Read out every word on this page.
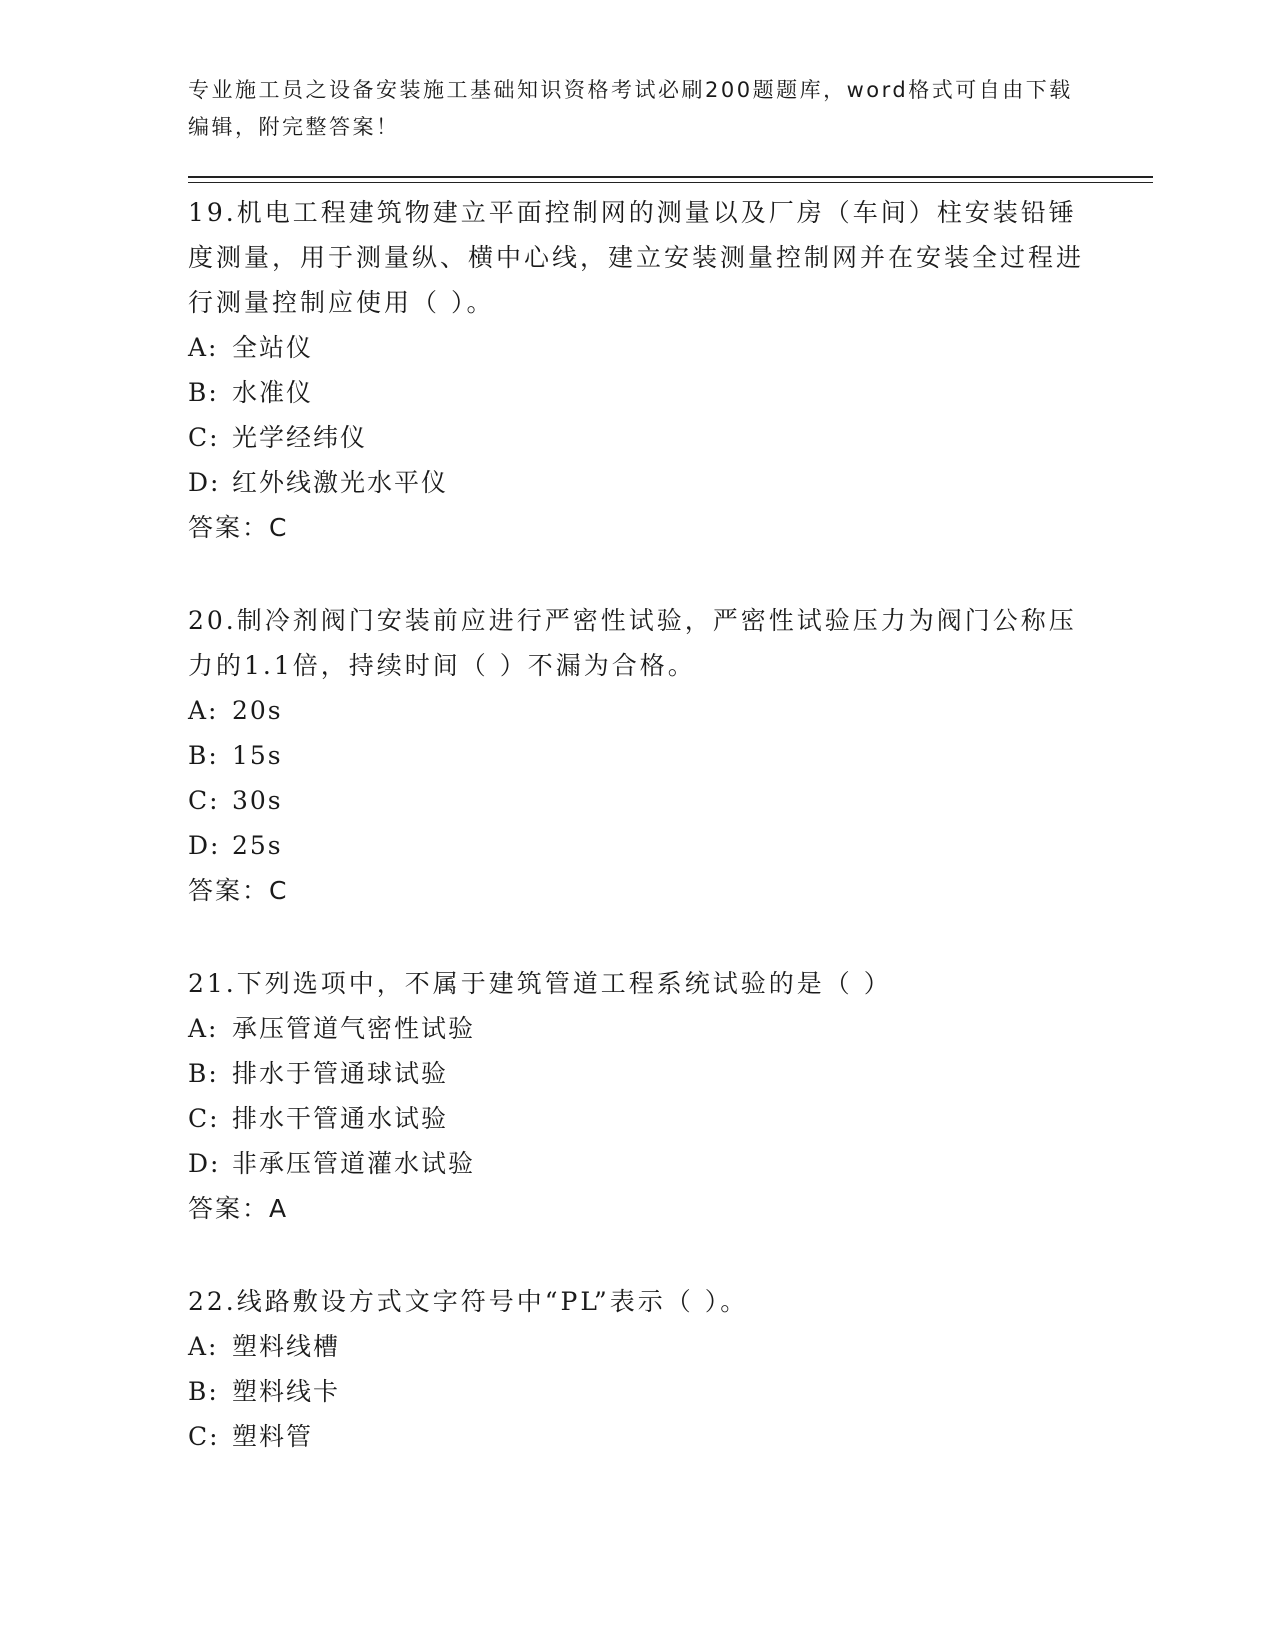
专业施工员之设备安装施工基础知识资格考试必刷200题题库，word格式可自由下载编辑，附完整答案！

19.机电工程建筑物建立平面控制网的测量以及厂房（车间）柱安装铅锤度测量，用于测量纵、横中心线，建立安装测量控制网并在安装全过程进行测量控制应使用（ ）。

A: 全站仪
B: 水准仪
C: 光学经纬仪
D: 红外线激光水平仪
答案：C

20.制冷剂阀门安装前应进行严密性试验，严密性试验压力为阀门公称压力的1.1倍，持续时间（ ）不漏为合格。

A: 20s
B: 15s
C: 30s
D: 25s
答案：C

21.下列选项中，不属于建筑管道工程系统试验的是（ ）

A: 承压管道气密性试验
B: 排水于管通球试验
C: 排水干管通水试验
D: 非承压管道灌水试验
答案：A

22.线路敷设方式文字符号中“PL”表示（ ）。

A: 塑料线槽
B: 塑料线卡
C: 塑料管
